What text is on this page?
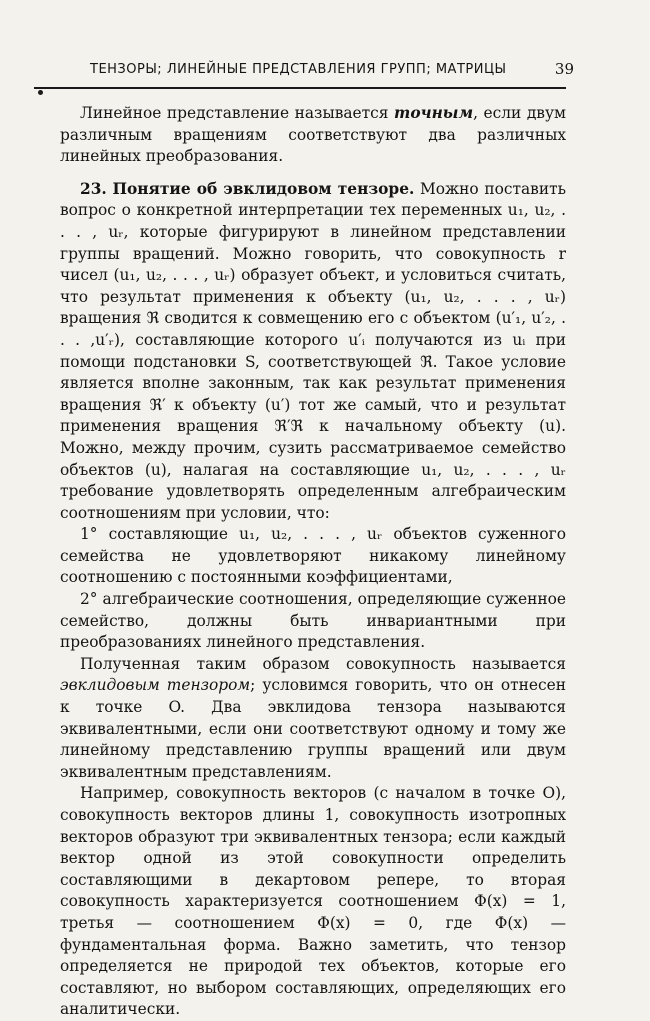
ТЕНЗОРЫ; ЛИНЕЙНЫЕ ПРЕДСТАВЛЕНИЯ ГРУПП; МАТРИЦЫ	39

Линейное представление называется точным, если двум различным вращениям соответствуют два различных линейных преобразования.

23. Понятие об эвклидовом тензоре. Можно поставить вопрос о конкретной интерпретации тех переменных u₁, u₂, . . . , uᵣ, которые фигурируют в линейном представлении группы вращений. Можно говорить, что совокупность r чисел (u₁, u₂, . . . , uᵣ) образует объект, и условиться считать, что результат применения к объекту (u₁, u₂, . . . , uᵣ) вращения ℜ сводится к совмещению его с объектом (u′₁, u′₂, . . . ,u′ᵣ), составляющие которого u′ᵢ получаются из uᵢ при помощи подстановки S, соответствующей ℜ. Такое условие является вполне законным, так как результат применения вращения ℜ′ к объекту (u′) тот же самый, что и результат применения вращения ℜ′ℜ к начальному объекту (u). Можно, между прочим, сузить рассматриваемое семейство объектов (u), налагая на составляющие u₁, u₂, . . . , uᵣ требование удовлетворять определенным алгебраическим соотношениям при условии, что:

1° составляющие u₁, u₂, . . . , uᵣ объектов суженного семейства не удовлетворяют никакому линейному соотношению с постоянными коэффициентами,

2° алгебраические соотношения, определяющие суженное семейство, должны быть инвариантными при преобразованиях линейного представления.

Полученная таким образом совокупность называется эвклидовым тензором; условимся говорить, что он отнесен к точке O. Два эвклидова тензора называются эквивалентными, если они соответствуют одному и тому же линейному представлению группы вращений или двум эквивалентным представлениям.

Например, совокупность векторов (с началом в точке O), совокупность векторов длины 1, совокупность изотропных векторов образуют три эквивалентных тензора; если каждый вектор одной из этой совокупности определить составляющими в декартовом репере, то вторая совокупность характеризуется соотношением Φ(x) = 1, третья — соотношением Φ(x) = 0, где Φ(x) — фундаментальная форма. Важно заметить, что тензор определяется не природой тех объектов, которые его составляют, но выбором составляющих, определяющих его аналитически.
